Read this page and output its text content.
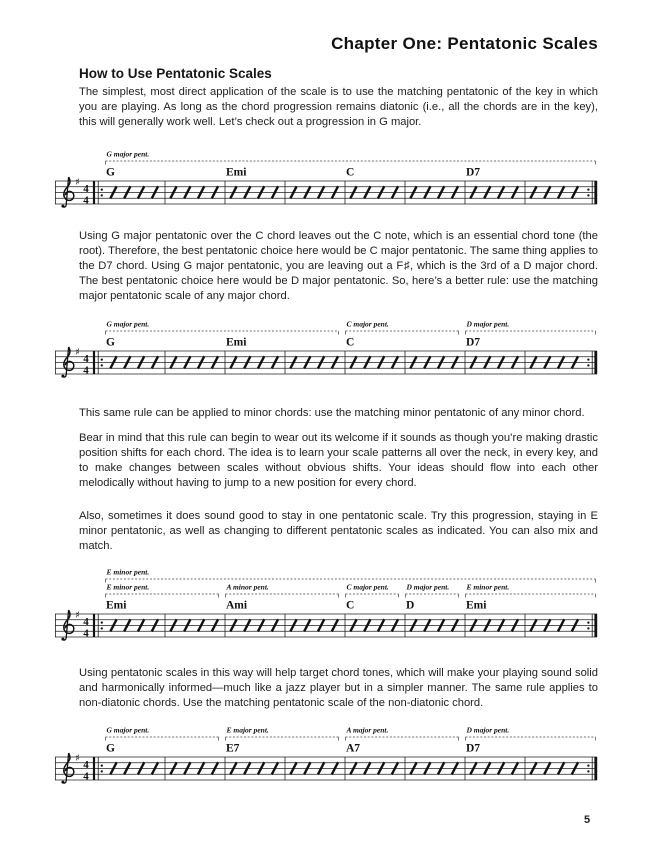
Chapter One: Pentatonic Scales
How to Use Pentatonic Scales

The simplest, most direct application of the scale is to use the matching pentatonic of the key in which you are playing. As long as the chord progression remains diatonic (i.e., all the chords are in the key), this will generally work well. Let’s check out a progression in G major.

♯
4
4
G	Emi	C	D7
G major pent.

Using G major pentatonic over the C chord leaves out the C note, which is an essential chord tone (the root). Therefore, the best pentatonic choice here would be C major pentatonic. The same thing applies to the D7 chord. Using G major pentatonic, you are leaving out a F♯, which is the 3rd of a D major chord. The best pentatonic choice here would be D major pentatonic. So, here’s a better rule: use the matching major pentatonic scale of any major chord.

♯
4
4
G	Emi	C	D7
G major pent.	C major pent.	D major pent.

This same rule can be applied to minor chords: use the matching minor pentatonic of any minor chord.

Bear in mind that this rule can begin to wear out its welcome if it sounds as though you’re making drastic position shifts for each chord. The idea is to learn your scale patterns all over the neck, in every key, and to make changes between scales without obvious shifts. Your ideas should flow into each other melodically without having to jump to a new position for every chord.

Also, sometimes it does sound good to stay in one pentatonic scale. Try this progression, staying in E minor pentatonic, as well as changing to different pentatonic scales as indicated. You can also mix and match.

♯
4
4
Emi	Ami	C	D	Emi
E minor pent.
E minor pent.	A minor pent.	C major pent. D major pent. E minor pent.

Using pentatonic scales in this way will help target chord tones, which will make your playing sound solid and harmonically informed—much like a jazz player but in a simpler manner. The same rule applies to non-diatonic chords. Use the matching pentatonic scale of the non-diatonic chord.

♯
4
4
G	E7	A7	D7
G major pent.	E major pent.	A major pent.	D major pent.
5
